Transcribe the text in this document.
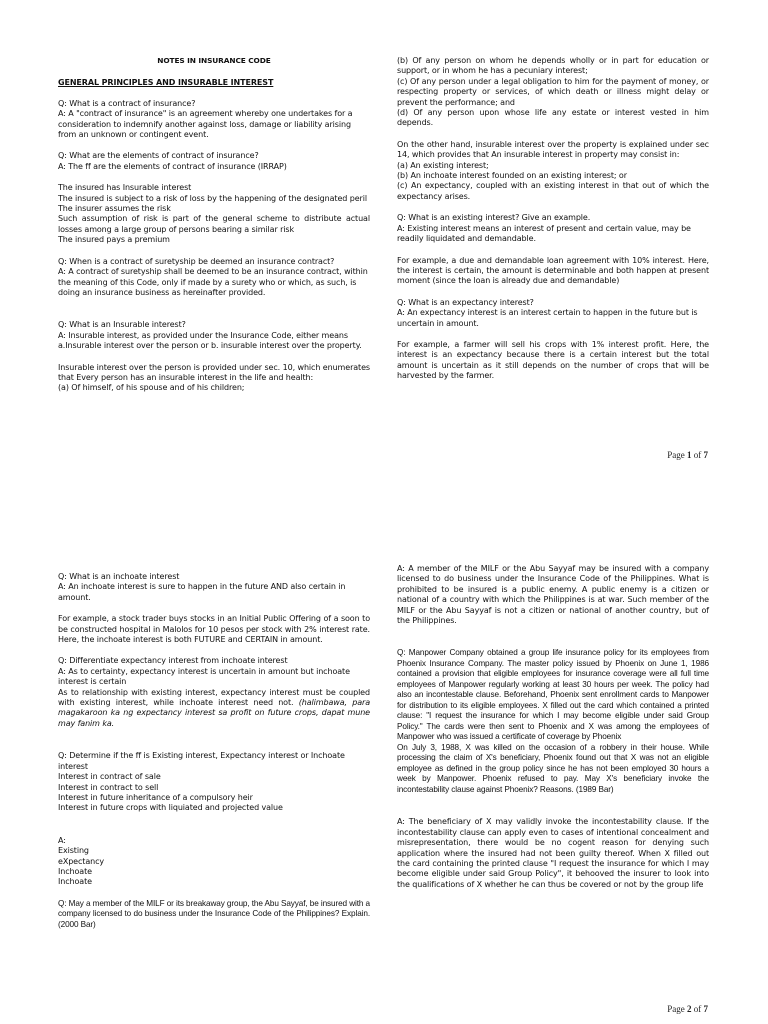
NOTES IN INSURANCE CODE
GENERAL PRINCIPLES AND INSURABLE INTEREST
Q: What is a contract of insurance?
A: A "contract of insurance" is an agreement whereby one undertakes for a consideration to indemnify another against loss, damage or liability arising from an unknown or contingent event.
Q: What are the elements of contract of insurance?
A: The ff are the elements of contract of insurance (IRRAP)
The insured has Insurable interest
The insured is subject to a risk of loss by the happening of the designated peril
The insurer assumes the risk
Such assumption of risk is part of the general scheme to distribute actual losses among a large group of persons bearing a similar risk
The insured pays a premium
Q: When is a contract of suretyship be deemed an insurance contract?
A: A contract of suretyship shall be deemed to be an insurance contract, within the meaning of this Code, only if made by a surety who or which, as such, is doing an insurance business as hereinafter provided.
Q: What is an Insurable interest?
A: Insurable interest, as provided under the Insurance Code, either means a.Insurable interest over the person or b. insurable interest over the property.
Insurable interest over the person is provided under sec. 10, which enumerates that Every person has an insurable interest in the life and health:
(a) Of himself, of his spouse and of his children;
(b) Of any person on whom he depends wholly or in part for education or support, or in whom he has a pecuniary interest;
(c) Of any person under a legal obligation to him for the payment of money, or respecting property or services, of which death or illness might delay or prevent the performance; and
(d) Of any person upon whose life any estate or interest vested in him depends.
On the other hand, insurable interest over the property is explained under sec 14, which provides that An insurable interest in property may consist in:
(a) An existing interest;
(b) An inchoate interest founded on an existing interest; or
(c) An expectancy, coupled with an existing interest in that out of which the expectancy arises.
Q: What is an existing interest? Give an example.
A: Existing interest means an interest of present and certain value, may be readily liquidated and demandable.
For example, a due and demandable loan agreement with 10% interest. Here, the interest is certain, the amount is determinable and both happen at present moment (since the loan is already due and demandable)
Q: What is an expectancy interest?
A: An expectancy interest is an interest certain to happen in the future but is uncertain in amount.
For example, a farmer will sell his crops with 1% interest profit. Here, the interest is an expectancy because there is a certain interest but the total amount is uncertain as it still depends on the number of crops that will be harvested by the farmer.
Page 1 of 7
Q: What is an inchoate interest
A: An inchoate interest is sure to happen in the future AND also certain in amount.
For example, a stock trader buys stocks in an Initial Public Offering of a soon to be constructed hospital in Malolos for 10 pesos per stock with 2% interest rate. Here, the inchoate interest is both FUTURE and CERTAIN in amount.
Q: Differentiate expectancy interest from inchoate interest
A: As to certainty, expectancy interest is uncertain in amount but inchoate interest is certain
As to relationship with existing interest, expectancy interest must be coupled with existing interest, while inchoate interest need not. (halimbawa, para magakaroon ka ng expectancy interest sa profit on future crops, dapat mune may fanim ka.
Q: Determine if the ff is Existing interest, Expectancy interest or Inchoate interest
Interest in contract of sale
Interest in contract to sell
Interest in future inheritance of a compulsory heir
Interest in future crops with liquiated and projected value
A:
Existing
eXpectancy
Inchoate
Inchoate
Q: May a member of the MILF or its breakaway group, the Abu Sayyaf, be insured with a company licensed to do business under the Insurance Code of the Philippines? Explain. (2000 Bar)
A: A member of the MILF or the Abu Sayyaf may be insured with a company licensed to do business under the Insurance Code of the Philippines. What is prohibited to be insured is a public enemy. A public enemy is a citizen or national of a country with which the Philippines is at war. Such member of the MILF or the Abu Sayyaf is not a citizen or national of another country, but of the Philippines.
Q: Manpower Company obtained a group life insurance policy for its employees from Phoenix Insurance Company. The master policy issued by Phoenix on June 1, 1986 contained a provision that eligible employees for insurance coverage were all full time employees of Manpower regularly working at least 30 hours per week. The policy had also an incontestable clause. Beforehand, Phoenix sent enrollment cards to Manpower for distribution to its eligible employees. X filled out the card which contained a printed clause: "I request the insurance for which I may become eligible under said Group Policy." The cards were then sent to Phoenix and X was among the employees of Manpower who was issued a certificate of coverage by Phoenix
On July 3, 1988, X was killed on the occasion of a robbery in their house. While processing the claim of X's beneficiary, Phoenix found out that X was not an eligible employee as defined in the group policy since he has not been employed 30 hours a week by Manpower. Phoenix refused to pay. May X's beneficiary invoke the incontestability clause against Phoenix? Reasons. (1989 Bar)
A: The beneficiary of X may validly invoke the incontestability clause. If the incontestability clause can apply even to cases of intentional concealment and misrepresentation, there would be no cogent reason for denying such application where the insured had not been guilty thereof. When X filled out the card containing the printed clause "I request the insurance for which I may become eligible under said Group Policy", it behooved the insurer to look into the qualifications of X whether he can thus be covered or not by the group life
Page 2 of 7
